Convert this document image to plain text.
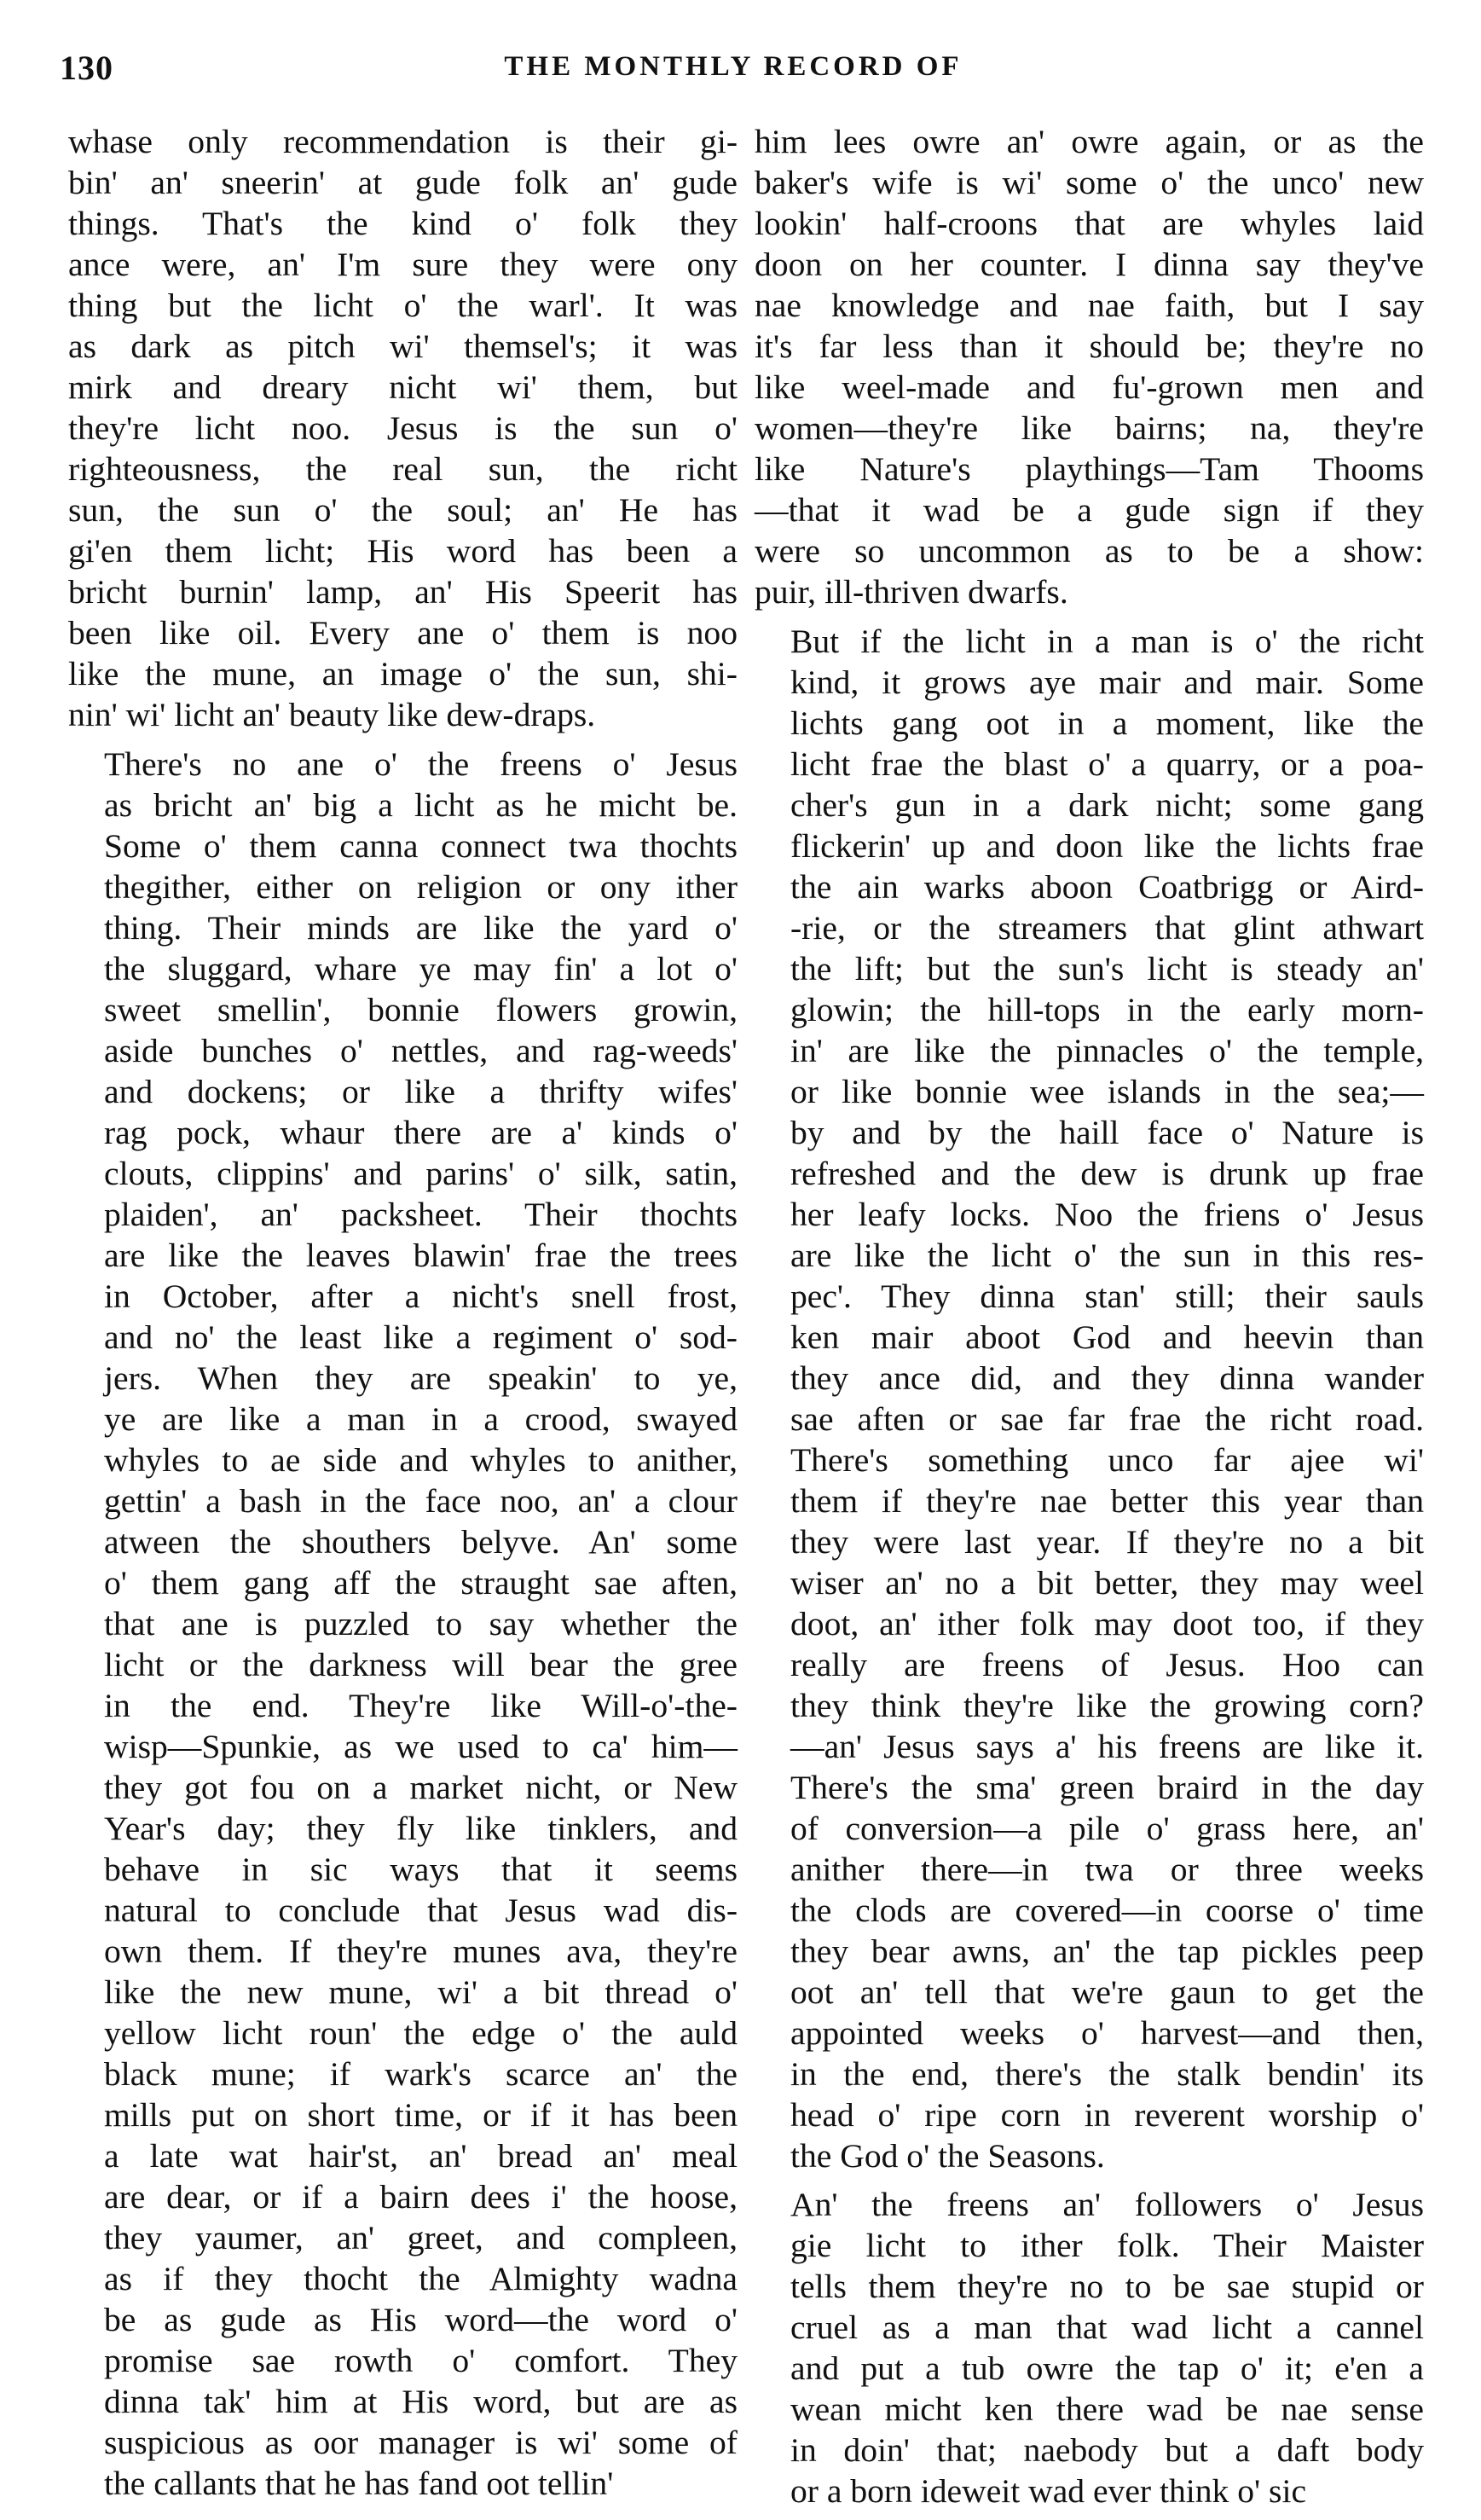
130	THE MONTHLY RECORD OF

whase only recommendation is their gi-
bin' an' sneerin' at gude folk an' gude
things. That's the kind o' folk they
ance were, an' I'm sure they were ony
thing but the licht o' the warl'. It was
as dark as pitch wi' themsel's; it was
mirk and dreary nicht wi' them, but
they're licht noo. Jesus is the sun o'
righteousness, the real sun, the richt
sun, the sun o' the soul; an' He has
gi'en them licht; His word has been a
bricht burnin' lamp, an' His Speerit has
been like oil. Every ane o' them is noo
like the mune, an image o' the sun, shi-
nin' wi' licht an' beauty like dew-draps.

There's no ane o' the freens o' Jesus
as bricht an' big a licht as he micht be.
Some o' them canna connect twa thochts
thegither, either on religion or ony ither
thing. Their minds are like the yard o'
the sluggard, whare ye may fin' a lot o'
sweet smellin', bonnie flowers growin,
aside bunches o' nettles, and rag-weeds'
and dockens; or like a thrifty wifes'
rag pock, whaur there are a' kinds o'
clouts, clippins' and parins' o' silk, satin,
plaiden', an' packsheet. Their thochts
are like the leaves blawin' frae the trees
in October, after a nicht's snell frost,
and no' the least like a regiment o' sod-
jers. When they are speakin' to ye,
ye are like a man in a crood, swayed
whyles to ae side and whyles to anither,
gettin' a bash in the face noo, an' a clour
atween the shouthers belyve. An' some
o' them gang aff the straught sae aften,
that ane is puzzled to say whether the
licht or the darkness will bear the gree
in the end. They're like Will-o'-the-
wisp—Spunkie, as we used to ca' him—
they got fou on a market nicht, or New
Year's day; they fly like tinklers, and
behave in sic ways that it seems
natural to conclude that Jesus wad dis-
own them. If they're munes ava, they're
like the new mune, wi' a bit thread o'
yellow licht roun' the edge o' the auld
black mune; if wark's scarce an' the
mills put on short time, or if it has been
a late wat hair'st, an' bread an' meal
are dear, or if a bairn dees i' the hoose,
they yaumer, an' greet, and compleen,
as if they thocht the Almighty wadna
be as gude as His word—the word o'
promise sae rowth o' comfort. They
dinna tak' him at His word, but are as
suspicious as oor manager is wi' some of
the callants that he has fand oot tellin'

him lees owre an' owre again, or as the
baker's wife is wi' some o' the unco' new
lookin' half-croons that are whyles laid
doon on her counter. I dinna say they've
nae knowledge and nae faith, but I say
it's far less than it should be; they're no
like weel-made and fu'-grown men and
women—they're like bairns; na, they're
like Nature's playthings—Tam Thooms
—that it wad be a gude sign if they
were so uncommon as to be a show:
puir, ill-thriven dwarfs.

But if the licht in a man is o' the richt
kind, it grows aye mair and mair. Some
lichts gang oot in a moment, like the
licht frae the blast o' a quarry, or a poa-
cher's gun in a dark nicht; some gang
flickerin' up and doon like the lichts frae
the ain warks aboon Coatbrigg or Aird-
-rie, or the streamers that glint athwart
the lift; but the sun's licht is steady an'
glowin; the hill-tops in the early morn-
in' are like the pinnacles o' the temple,
or like bonnie wee islands in the sea;—
by and by the haill face o' Nature is
refreshed and the dew is drunk up frae
her leafy locks. Noo the friens o' Jesus
are like the licht o' the sun in this res-
pec'. They dinna stan' still; their sauls
ken mair aboot God and heevin than
they ance did, and they dinna wander
sae aften or sae far frae the richt road.
There's something unco far ajee wi'
them if they're nae better this year than
they were last year. If they're no a bit
wiser an' no a bit better, they may weel
doot, an' ither folk may doot too, if they
really are freens of Jesus. Hoo can
they think they're like the growing corn?
—an' Jesus says a' his freens are like it.
There's the sma' green braird in the day
of conversion—a pile o' grass here, an'
anither there—in twa or three weeks
the clods are covered—in coorse o' time
they bear awns, an' the tap pickles peep
oot an' tell that we're gaun to get the
appointed weeks o' harvest—and then,
in the end, there's the stalk bendin' its
head o' ripe corn in reverent worship o'
the God o' the Seasons.

An' the freens an' followers o' Jesus
gie licht to ither folk. Their Maister
tells them they're no to be sae stupid or
cruel as a man that wad licht a cannel
and put a tub owre the tap o' it; e'en a
wean micht ken there wad be nae sense
in doin' that; naebody but a daft body
or a born ideweit wad ever think o' sic
